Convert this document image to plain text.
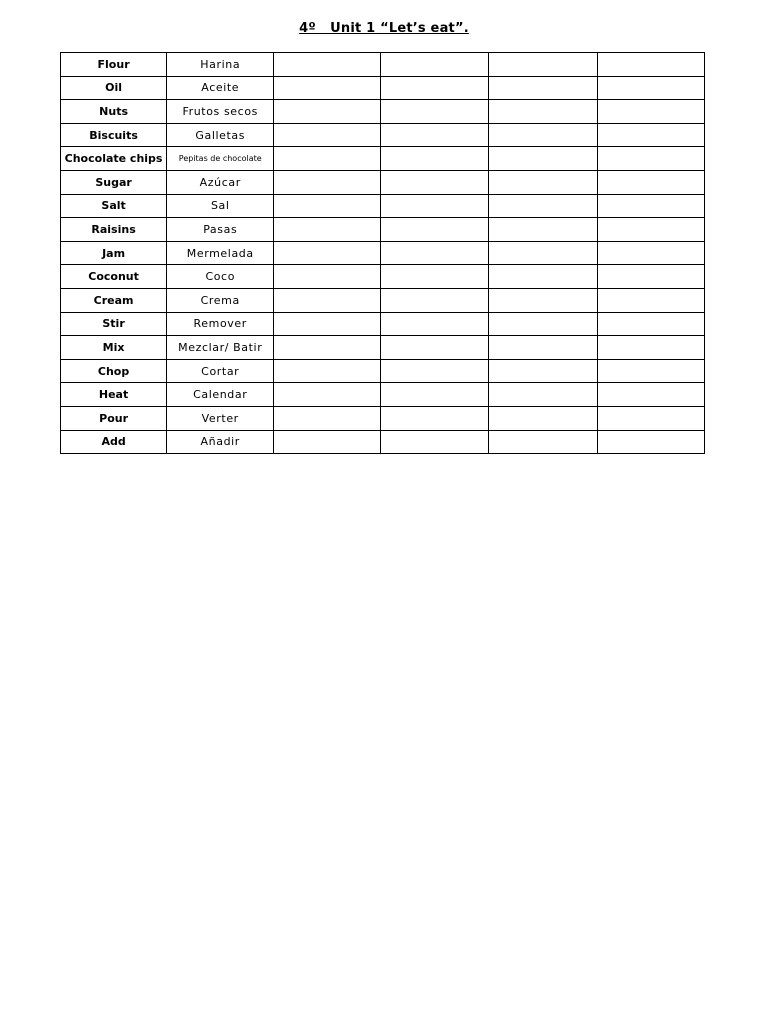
4º   Unit 1 “Let’s eat”.
Flour	Harina				
Oil	Aceite				
Nuts	Frutos secos				
Biscuits	Galletas				
Chocolate chips	Pepitas de chocolate				
Sugar	Azúcar				
Salt	Sal				
Raisins	Pasas				
Jam	Mermelada				
Coconut	Coco				
Cream	Crema				
Stir	Remover				
Mix	Mezclar/ Batir				
Chop	Cortar				
Heat	Calendar				
Pour	Verter				
Add	Añadir				
